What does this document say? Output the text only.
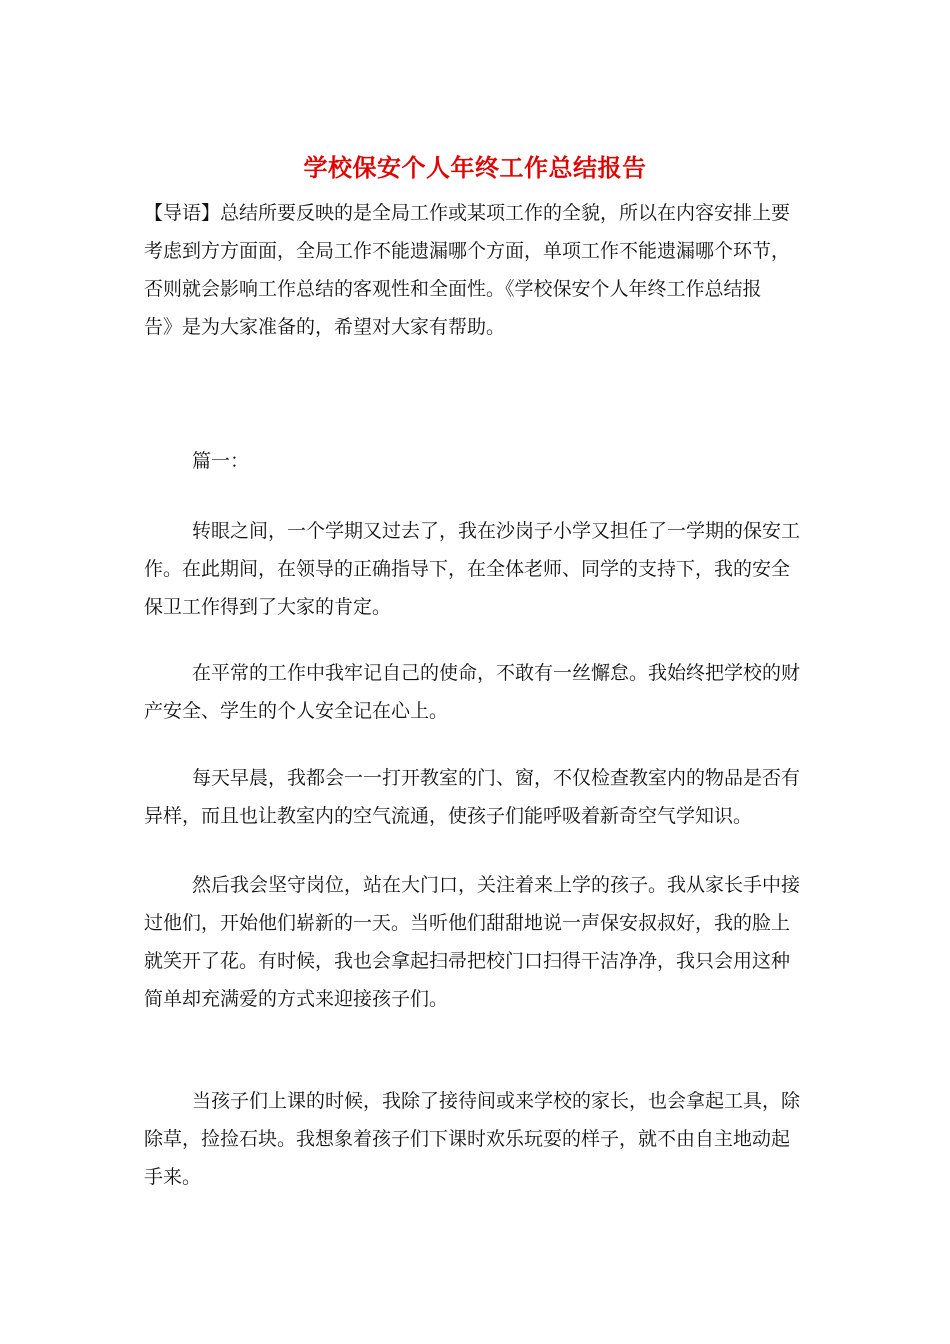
学校保安个人年终工作总结报告
【导语】总结所要反映的是全局工作或某项工作的全貌，所以在内容安排上要
考虑到方方面面，全局工作不能遗漏哪个方面，单项工作不能遗漏哪个环节，
否则就会影响工作总结的客观性和全面性。《学校保安个人年终工作总结报
告》是为大家准备的，希望对大家有帮助。
篇一：
转眼之间，一个学期又过去了，我在沙岗子小学又担任了一学期的保安工
作。在此期间，在领导的正确指导下，在全体老师、同学的支持下，我的安全
保卫工作得到了大家的肯定。
在平常的工作中我牢记自己的使命，不敢有一丝懈怠。我始终把学校的财
产安全、学生的个人安全记在心上。
每天早晨，我都会一一打开教室的门、窗，不仅检查教室内的物品是否有
异样，而且也让教室内的空气流通，使孩子们能呼吸着新奇空气学知识。
然后我会坚守岗位，站在大门口，关注着来上学的孩子。我从家长手中接
过他们，开始他们崭新的一天。当听他们甜甜地说一声保安叔叔好，我的脸上
就笑开了花。有时候，我也会拿起扫帚把校门口扫得干洁净净，我只会用这种
简单却充满爱的方式来迎接孩子们。
当孩子们上课的时候，我除了接待间或来学校的家长，也会拿起工具，除
除草，捡捡石块。我想象着孩子们下课时欢乐玩耍的样子，就不由自主地动起
手来。
